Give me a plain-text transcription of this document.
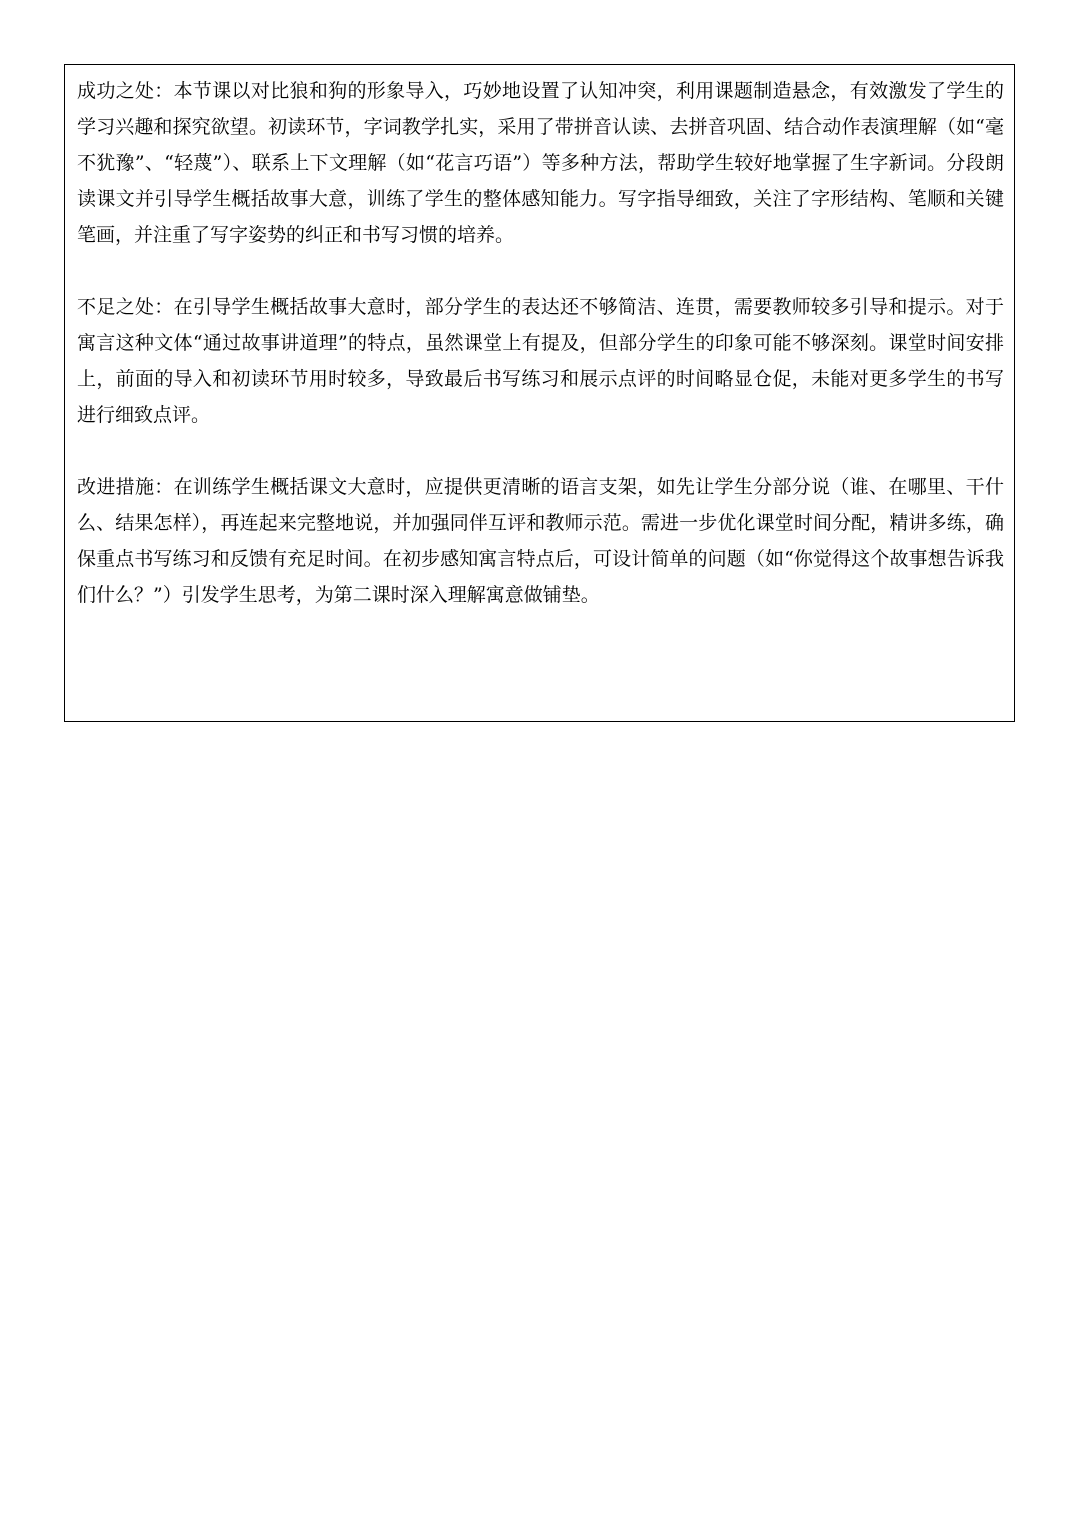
成功之处：本节课以对比狼和狗的形象导入，巧妙地设置了认知冲突，利用课题制造悬念，有效激发了学生的学习兴趣和探究欲望。初读环节，字词教学扎实，采用了带拼音认读、去拼音巩固、结合动作表演理解（如“毫不犹豫”、“轻蔑”）、联系上下文理解（如“花言巧语”）等多种方法，帮助学生较好地掌握了生字新词。分段朗读课文并引导学生概括故事大意，训练了学生的整体感知能力。写字指导细致，关注了字形结构、笔顺和关键笔画，并注重了写字姿势的纠正和书写习惯的培养。

不足之处：在引导学生概括故事大意时，部分学生的表达还不够简洁、连贯，需要教师较多引导和提示。对于寓言这种文体“通过故事讲道理”的特点，虽然课堂上有提及，但部分学生的印象可能不够深刻。课堂时间安排上，前面的导入和初读环节用时较多，导致最后书写练习和展示点评的时间略显仓促，未能对更多学生的书写进行细致点评。

改进措施：在训练学生概括课文大意时，应提供更清晰的语言支架，如先让学生分部分说（谁、在哪里、干什么、结果怎样），再连起来完整地说，并加强同伴互评和教师示范。需进一步优化课堂时间分配，精讲多练，确保重点书写练习和反馈有充足时间。在初步感知寓言特点后，可设计简单的问题（如“你觉得这个故事想告诉我们什么？”）引发学生思考，为第二课时深入理解寓意做铺垫。
